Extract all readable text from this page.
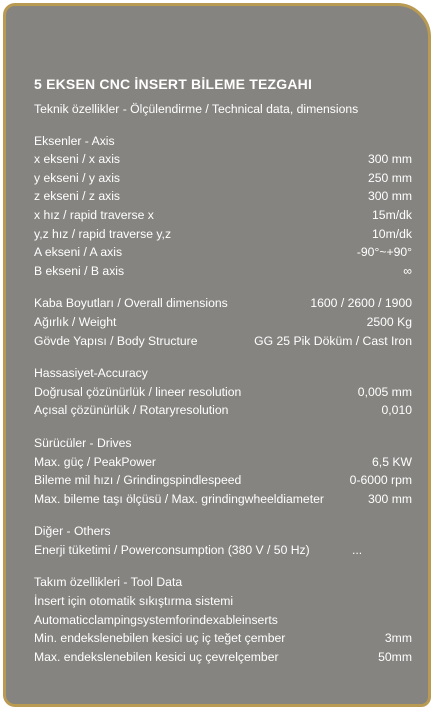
5 EKSEN CNC İNSERT BİLEME TEZGAHI
Teknik özellikler - Ölçülendirme / Technical data, dimensions
Eksenler - Axis
x ekseni / x axis	300 mm
y ekseni / y axis	250 mm
z ekseni / z axis	300 mm
x hız / rapid traverse x	15m/dk
y,z hız / rapid traverse y,z	10m/dk
A ekseni / A axis	-90°~+90°
B ekseni / B axis	∞
Kaba Boyutları / Overall dimensions	1600 / 2600 / 1900
Ağırlık / Weight	2500 Kg
Gövde Yapısı / Body Structure	GG 25 Pik Döküm / Cast Iron
Hassasiyet-Accuracy
Doğrusal çözünürlük / lineer resolution	0,005 mm
Açısal çözünürlük / Rotaryresolution	0,010
Sürücüler - Drives
Max. güç / PeakPower	6,5 KW
Bileme mil hızı / Grindingspindlespeed	0-6000 rpm
Max. bileme taşı ölçüsü / Max. grindingwheeldiameter	300 mm
Diğer - Others
Enerji tüketimi / Powerconsumption (380 V / 50 Hz)	...
Takım özellikleri - Tool Data
İnsert için otomatik sıkıştırma sistemi
Automaticclampingsystemforindexableinserts
Min. endekslenebilen kesici uç iç teğet çember	3mm
Max. endekslenebilen kesici uç çevrelçember	50mm
